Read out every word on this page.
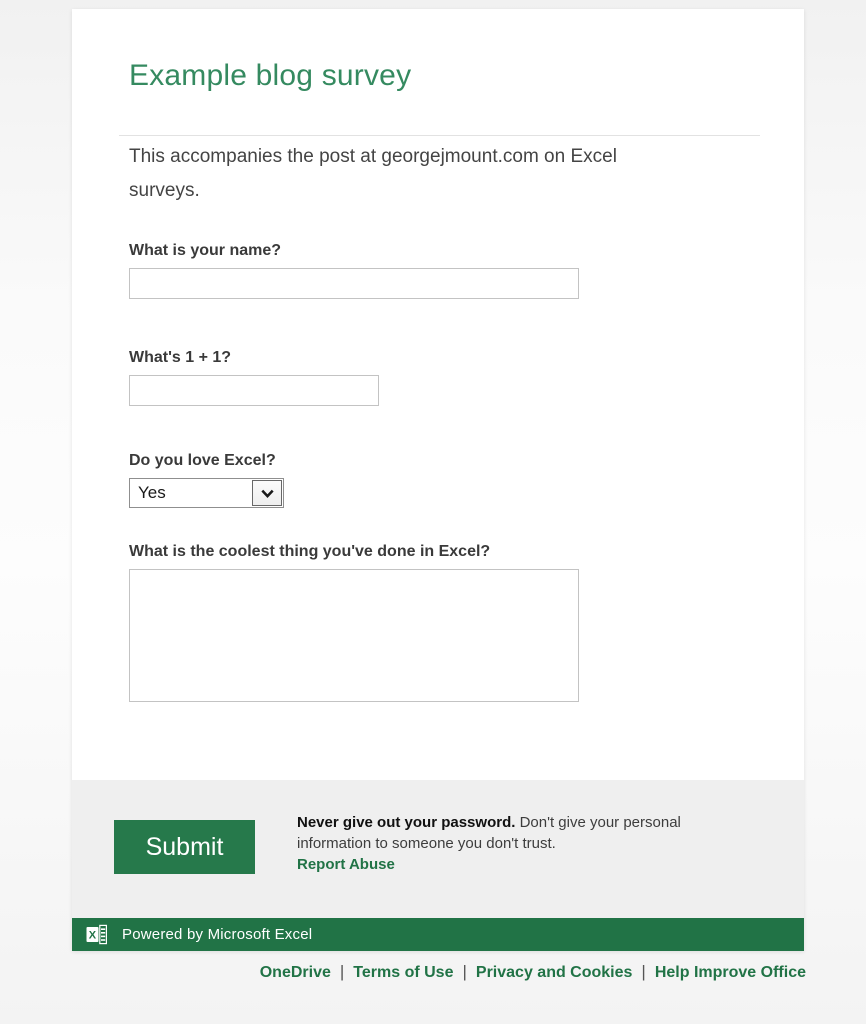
Example blog survey

This accompanies the post at georgejmount.com on Excel surveys.

What is your name?
What's 1 + 1?
Do you love Excel?
Yes
What is the coolest thing you've done in Excel?
Submit
Never give out your password. Don't give your personal information to someone you don't trust.
Report Abuse
X Powered by Microsoft Excel
OneDrive | Terms of Use | Privacy and Cookies | Help Improve Office
